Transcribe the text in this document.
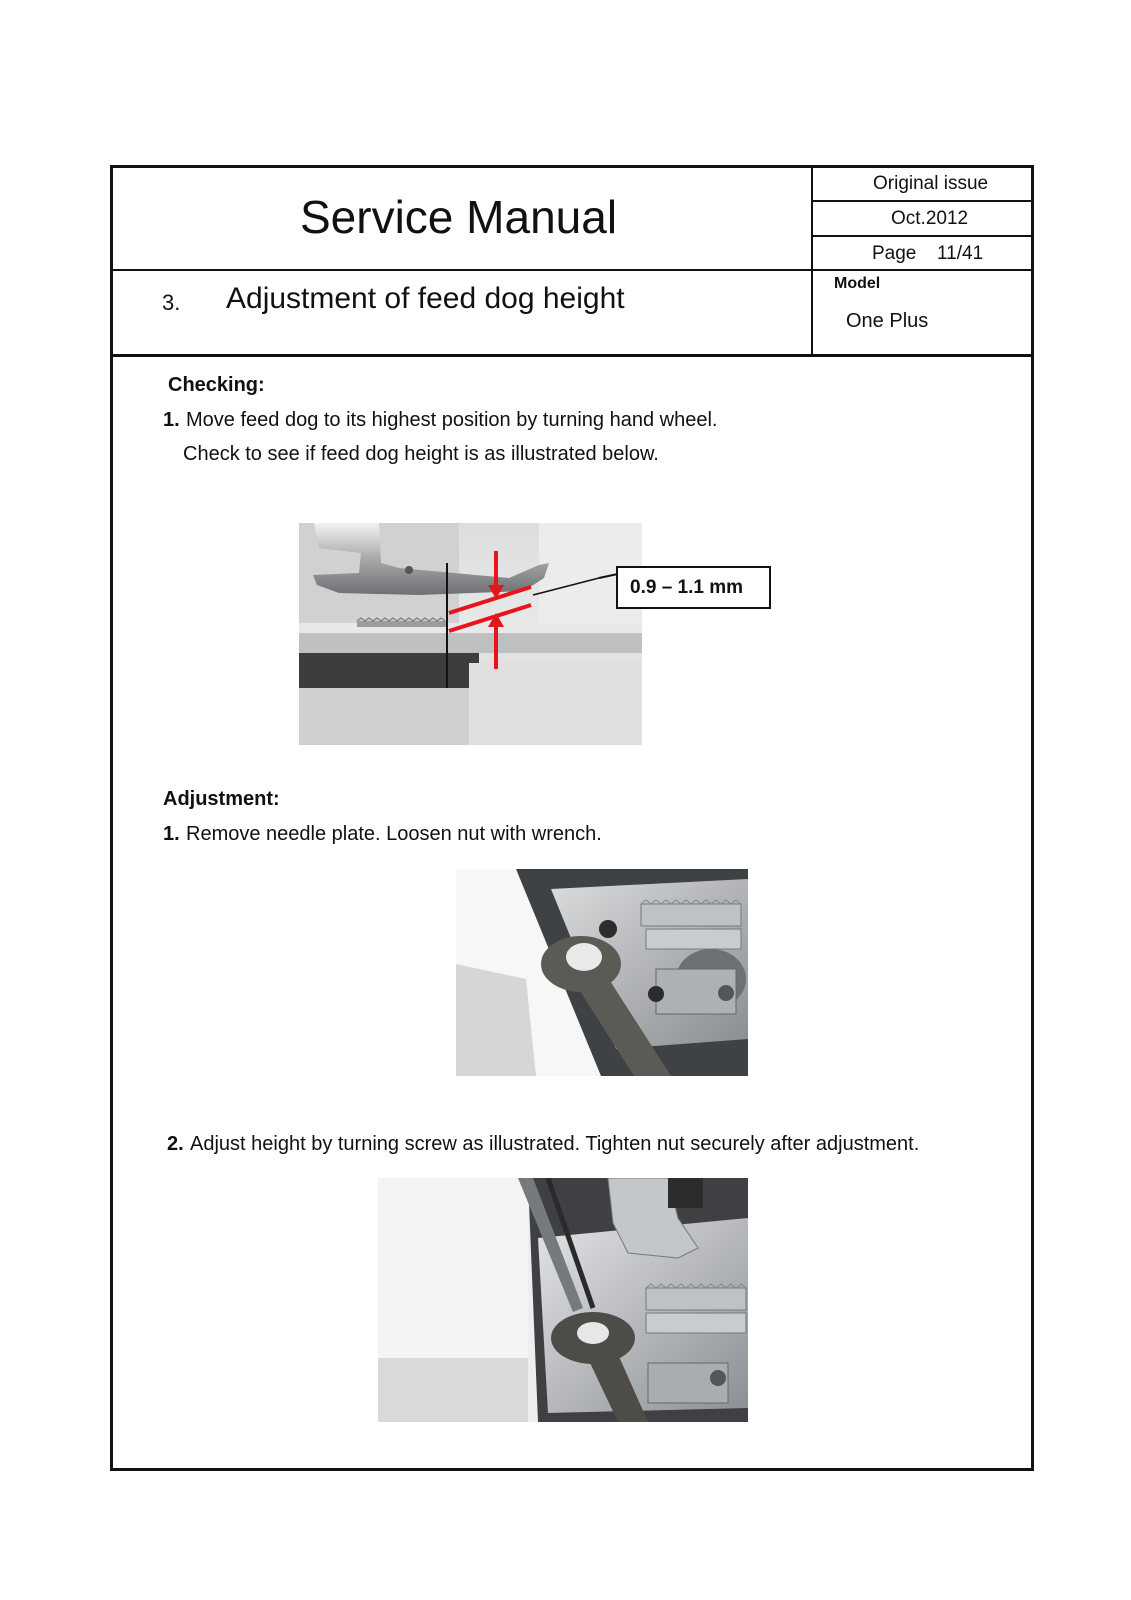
Service Manual
Original issue
Oct.2012
Page 11/41
3. Adjustment of feed dog height	Model
One Plus
Checking:
1. Move feed dog to its highest position by turning hand wheel.
Check to see if feed dog height is as illustrated below.
0.9 – 1.1 mm
Adjustment:
1. Remove needle plate. Loosen nut with wrench.
2. Adjust height by turning screw as illustrated. Tighten nut securely after adjustment.
